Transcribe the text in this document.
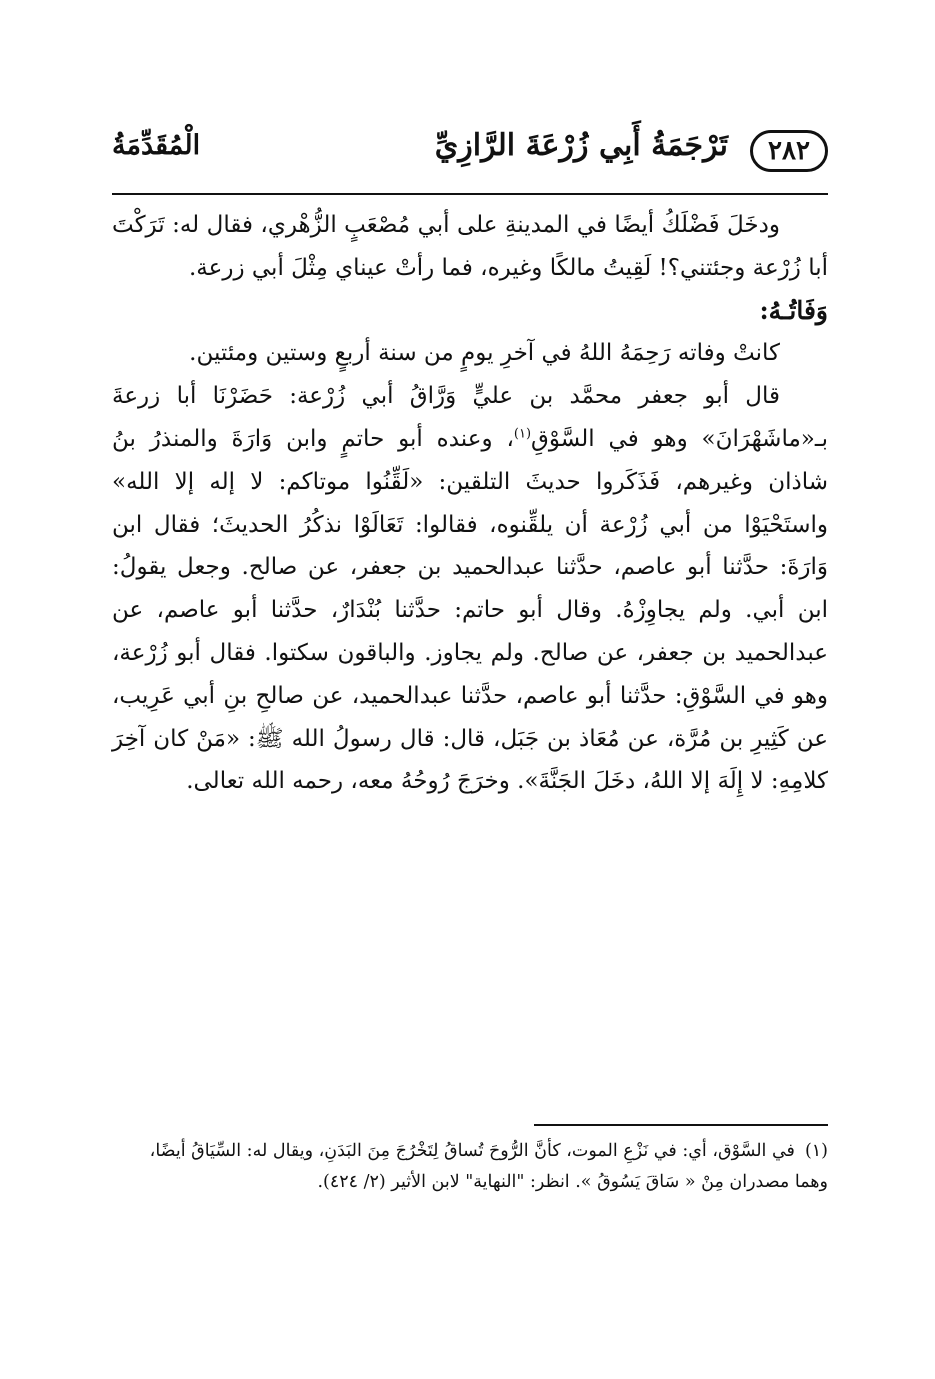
٢٨٢
تَرْجَمَةُ أَبِي زُرْعَةَ الرَّازِيِّ
الْمُقَدِّمَةُ

ودخَلَ فَضْلَكُ أيضًا في المدينةِ على أبي مُصْعَبٍ الزُّهْري، فقال له: تَرَكْتَ أبا زُرْعة وجئتني؟! لَقِيتُ مالكًا وغيره، فما رأتْ عيناي مِثْلَ أبي زرعة.

وَفَاتُـهُ:

كانتْ وفاته رَحِمَهُ اللهُ في آخرِ يومٍ من سنة أربعٍ وستين ومئتين.

قال أبو جعفر محمَّد بن عليٍّ وَرَّاقُ أبي زُرْعة: حَضَرْنَا أبا زرعةَ بـ«ماشَهْرَانَ» وهو في السَّوْقِ$^{(١)}$، وعنده أبو حاتمٍ وابن وَارَةَ والمنذرُ بنُ شاذان وغيرهم، فَذَكَروا حديثَ التلقين: «لَقِّنُوا موتاكم: لا إله إلا الله» واستَحْيَوْا من أبي زُرْعة أن يلقِّنوه، فقالوا: تَعَالَوْا نذكُرُ الحديثَ؛ فقال ابن وَارَةَ: حدَّثنا أبو عاصم، حدَّثنا عبدالحميد بن جعفر، عن صالح. وجعل يقولُ: ابن أبي. ولم يجاوِزْهُ. وقال أبو حاتم: حدَّثنا بُنْدَارٌ، حدَّثنا أبو عاصم، عن عبدالحميد بن جعفر، عن صالح. ولم يجاوز. والباقون سكتوا. فقال أبو زُرْعة، وهو في السَّوْقِ: حدَّثنا أبو عاصم، حدَّثنا عبدالحميد، عن صالحِ بنِ أبي عَرِيب، عن كَثِيرِ بن مُرَّة، عن مُعَاذ بن جَبَل، قال: قال رسولُ الله ﷺ: «مَنْ كان آخِرَ كلامِهِ: لا إِلَهَ إلا اللهُ، دخَلَ الجَنَّةَ». وخرَجَ رُوحُهُ معه، رحمه الله تعالى.

(١)في السَّوْق، أي: في نَزْعِ الموت، كأنَّ الرُّوحَ تُساقُ لِتَخْرُجَ مِنَ البَدَنِ، ويقال له: السِّيَاقُ أيضًا، وهما مصدران مِنْ « سَاقَ يَسُوقُ ». انظر: "النهاية" لابن الأثير (٢/ ٤٢٤).
